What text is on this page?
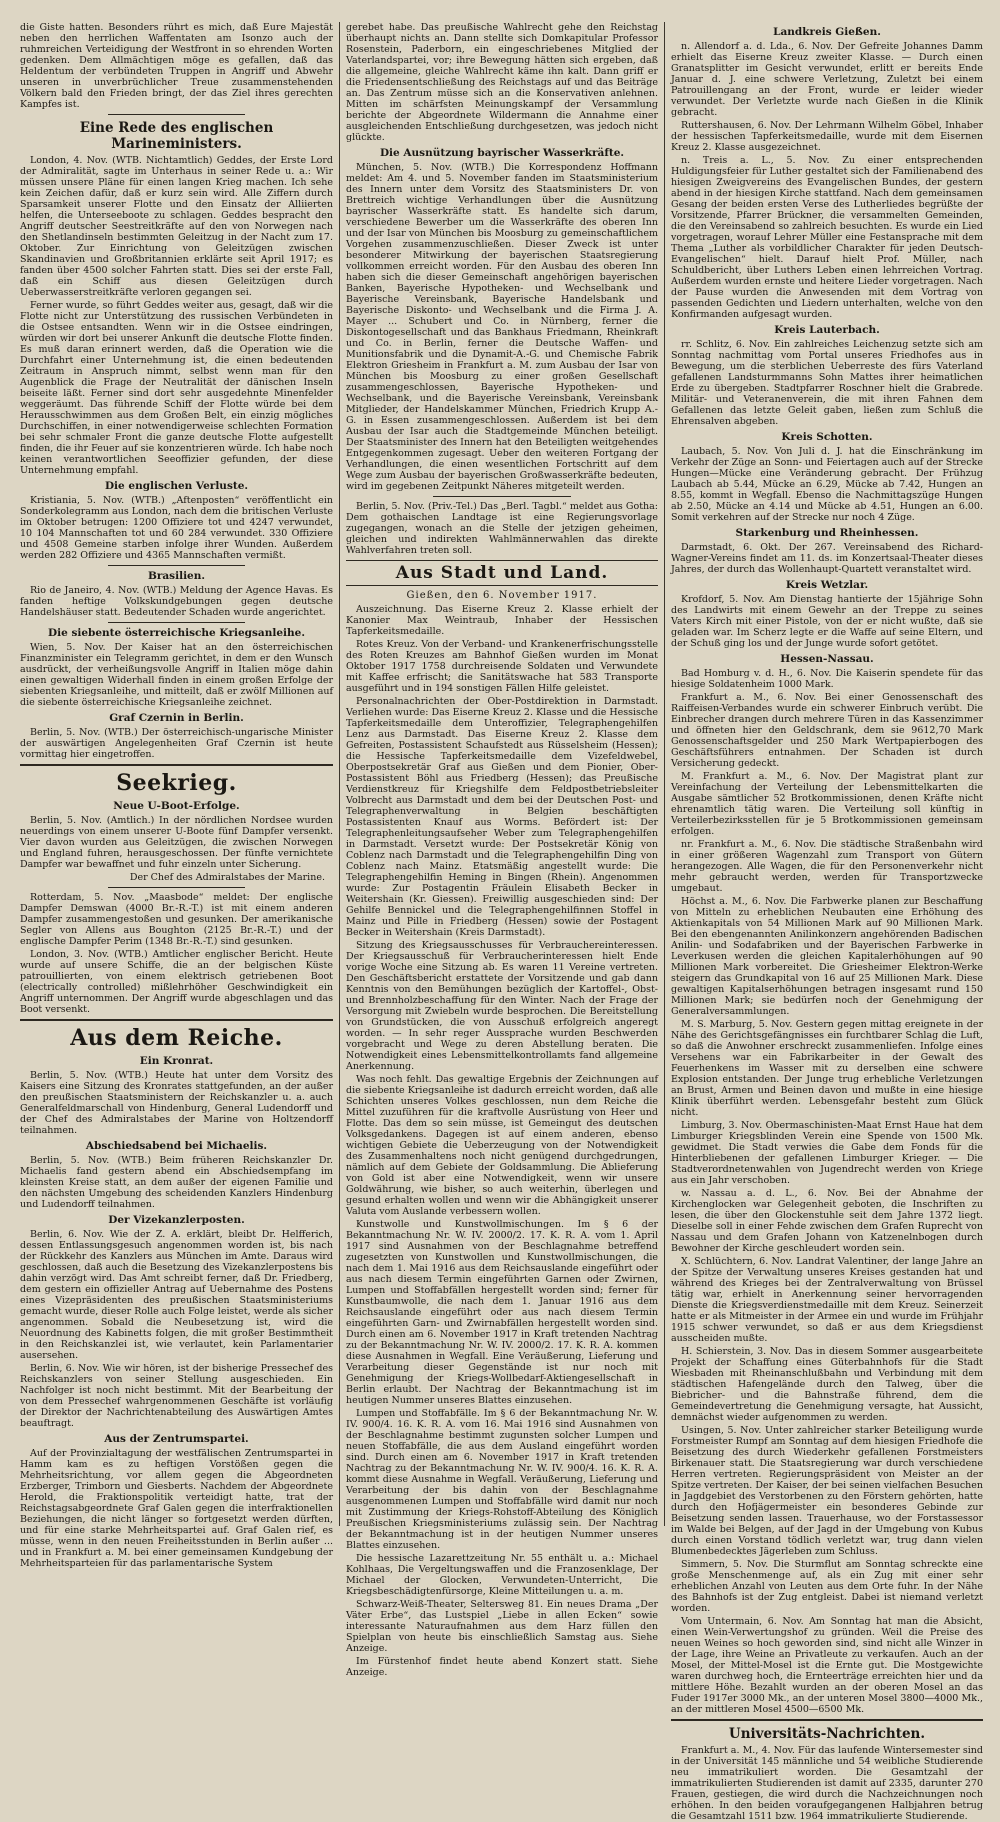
die Giste hatten. Besonders rührt es mich, daß Eure Majestät neben den herrlichen Waffentaten am Isonzo auch der ruhmreichen Verteidigung der Westfront in so ehrenden Worten gedenken. Dem Allmächtigen möge es gefallen, daß das Heldentum der verbündeten Truppen in Angriff und Abwehr unseren in unverbrüchlicher Treue zusammenstehenden Völkern bald den Frieden bringt, der das Ziel ihres gerechten Kampfes ist.

Eine Rede des englischen Marineministers.

London, 4. Nov. (WTB. Nichtamtlich) Geddes, der Erste Lord der Admiralität, sagte im Unterhaus in seiner Rede u. a.: Wir müssen unsere Pläne für einen langen Krieg machen. Ich sehe kein Zeichen dafür, daß er kurz sein wird. Alle Ziffern durch Sparsamkeit unserer Flotte und den Einsatz der Alliierten helfen, die Unterseeboote zu schlagen. Geddes bespracht den Angriff deutscher Seestreitkräfte auf den von Norwegen nach den Shetlandinseln bestimmten Geleitzug in der Nacht zum 17. Oktober. Zur Einrichtung von Geleitzügen zwischen Skandinavien und Großbritannien erklärte seit April 1917; es fanden über 4500 solcher Fahrten statt. Dies sei der erste Fall, daß ein Schiff aus diesen Geleitzügen durch Ueberwasserstreitkräfte verloren gegangen sei.

Ferner wurde, so führt Geddes weiter aus, gesagt, daß wir die Flotte nicht zur Unterstützung des russischen Verbündeten in die Ostsee entsandten. Wenn wir in die Ostsee eindringen, würden wir dort bei unserer Ankunft die deutsche Flotte finden. Es muß daran erinnert werden, daß die Operation wie die Durchfahrt einer Unternehmung ist, die einen bedeutenden Zeitraum in Anspruch nimmt, selbst wenn man für den Augenblick die Frage der Neutralität der dänischen Inseln beiseite läßt. Ferner sind dort sehr ausgedehnte Minenfelder weggeräumt. Das führende Schiff der Flotte würde bei dem Herausschwimmen aus dem Großen Belt, ein einzig mögliches Durchschiffen, in einer notwendigerweise schlechten Formation bei sehr schmaler Front die ganze deutsche Flotte aufgestellt finden, die ihr Feuer auf sie konzentrieren würde. Ich habe noch keinen verantwortlichen Seeoffizier gefunden, der diese Unternehmung empfahl.

Die englischen Verluste.

Kristiania, 5. Nov. (WTB.) „Aftenposten“ veröffentlicht ein Sonderkolegramm aus London, nach dem die britischen Verluste im Oktober betrugen: 1200 Offiziere tot und 4247 verwundet, 10 104 Mannschaften tot und 60 284 verwundet. 330 Offiziere und 4508 Gemeine starben infolge ihrer Wunden. Außerdem werden 282 Offiziere und 4365 Mannschaften vermißt.

Brasilien.

Rio de Janeiro, 4. Nov. (WTB.) Meldung der Agence Havas. Es fanden heftige Volkskundgebungen gegen deutsche Handelshäuser statt. Bedeutender Schaden wurde angerichtet.

Die siebente österreichische Kriegsanleihe.

Wien, 5. Nov. Der Kaiser hat an den österreichischen Finanzminister ein Telegramm gerichtet, in dem er den Wunsch ausdrückt, der verheißungsvolle Angriff in Italien möge dahin einen gewaltigen Widerhall finden in einem großen Erfolge der siebenten Kriegsanleihe, und mitteilt, daß er zwölf Millionen auf die siebente österreichische Kriegsanleihe zeichnet.

Graf Czernin in Berlin.

Berlin, 5. Nov. (WTB.) Der österreichisch-ungarische Minister der auswärtigen Angelegenheiten Graf Czernin ist heute vormittag hier eingetroffen.

Seekrieg.
Neue U-Boot-Erfolge.

Berlin, 5. Nov. (Amtlich.) In der nördlichen Nordsee wurden neuerdings von einem unserer U-Boote fünf Dampfer versenkt. Vier davon wurden aus Geleitzügen, die zwischen Norwegen und England fuhren, herausgeschossen. Der fünfte vernichtete Dampfer war bewaffnet und fuhr einzeln unter Sicherung.

Der Chef des Admiralstabes der Marine.

Rotterdam, 5. Nov. „Maasbode“ meldet: Der englische Dampfer Demswan (4000 Br.-R.-T.) ist mit einem anderen Dampfer zusammengestoßen und gesunken. Der amerikanische Segler von Allens aus Boughton (2125 Br.-R.-T.) und der englische Dampfer Perim (1348 Br.-R.-T.) sind gesunken.

London, 3. Nov. (WTB.) Amtlicher englischer Bericht. Heute wurde auf unsere Schiffe, die an der belgischen Küste patrouillierten, von einem elektrisch getriebenen Boot (electrically controlled) mißlehrhöher Geschwindigkeit ein Angriff unternommen. Der Angriff wurde abgeschlagen und das Boot versenkt.

Aus dem Reiche.
Ein Kronrat.

Berlin, 5. Nov. (WTB.) Heute hat unter dem Vorsitz des Kaisers eine Sitzung des Kronrates stattgefunden, an der außer den preußischen Staatsministern der Reichskanzler u. a. auch Generalfeldmarschall von Hindenburg, General Ludendorff und der Chef des Admiralstabes der Marine von Holtzendorff teilnahmen.

Abschiedsabend bei Michaelis.

Berlin, 5. Nov. (WTB.) Beim früheren Reichskanzler Dr. Michaelis fand gestern abend ein Abschiedsempfang im kleinsten Kreise statt, an dem außer der eigenen Familie und den nächsten Umgebung des scheidenden Kanzlers Hindenburg und Ludendorff teilnahmen.

Der Vizekanzlerposten.

Berlin, 6. Nov. Wie der Z. A. erklärt, bleibt Dr. Helfferich, dessen Entlassungsgesuch angenommen worden ist, bis nach der Rückkehr des Kanzlers aus München im Amte. Daraus wird geschlossen, daß auch die Besetzung des Vizekanzlerpostens bis dahin verzögt wird. Das Amt schreibt ferner, daß Dr. Friedberg, dem gestern ein offizieller Antrag auf Uebernahme des Postens eines Vizepräsidenten des preußischen Staatsministeriums gemacht wurde, dieser Rolle auch Folge leistet, werde als sicher angenommen. Sobald die Neubesetzung ist, wird die Neuordnung des Kabinetts folgen, die mit großer Bestimmtheit in den Reichskanzlei ist, wie verlautet, kein Parlamentarier ausersehen.

Berlin, 6. Nov. Wie wir hören, ist der bisherige Pressechef des Reichskanzlers von seiner Stellung ausgeschieden. Ein Nachfolger ist noch nicht bestimmt. Mit der Bearbeitung der von dem Pressechef wahrgenommenen Geschäfte ist vorläufig der Direktor der Nachrichtenabteilung des Auswärtigen Amtes beauftragt.

Aus der Zentrumspartei.

Auf der Provinzialtagung der westfälischen Zentrumspartei in Hamm kam es zu heftigen Vorstößen gegen die Mehrheitsrichtung, vor allem gegen die Abgeordneten Erzberger, Trimborn und Giesberts. Nachdem der Abgeordnete Herold, die Fraktionspolitik verteidigt hatte, trat der Reichstagsabgeordnete Graf Galen gegen die interfraktionellen Beziehungen, die nicht länger so fortgesetzt werden dürften, und für eine starke Mehrheitspartei auf. Graf Galen rief, es müsse, wenn in den neuen Freiheitsstunden in Berlin außer ... und in Frankfurt a. M. bei einer gemeinsamen Kundgebung der Mehrheitsparteien für das parlamentarische System

gerebet habe. Das preußische Wahlrecht gehe den Reichstag überhaupt nichts an. Dann stellte sich Domkapitular Professor Rosenstein, Paderborn, ein eingeschriebenes Mitglied der Vaterlandspartei, vor; ihre Bewegung hätten sich ergeben, daß die allgemeine, gleiche Wahlrecht käme ihn kalt. Dann griff er die Friedensentschließung des Reichstags auf und das Beiträge an. Das Zentrum müsse sich an die Konservativen anlehnen. Mitten im schärfsten Meinungskampf der Versammlung berichte der Abgeordnete Wildermann die Annahme einer ausgleichenden Entschließung durchgesetzen, was jedoch nicht glückte.

Die Ausnützung bayrischer Wasserkräfte.

München, 5. Nov. (WTB.) Die Korrespondenz Hoffmann meldet: Am 4. und 5. November fanden im Staatsministerium des Innern unter dem Vorsitz des Staatsministers Dr. von Brettreich wichtige Verhandlungen über die Ausnützung bayrischer Wasserkräfte statt. Es handelte sich darum, verschiedene Bewerber um die Wasserkräfte des oberen Inn und der Isar von München bis Moosburg zu gemeinschaftlichem Vorgehen zusammenzuschließen. Dieser Zweck ist unter besonderer Mitwirkung der bayerischen Staatsregierung vollkommen erreicht worden. Für den Ausbau des oberen Inn haben sich die dieser Gemeinschaft angehörigen bayerischen Banken, Bayerische Hypotheken- und Wechselbank und Bayerische Vereinsbank, Bayerische Handelsbank und Bayerische Diskonto- und Wechselbank und die Firma J. A. Mayer ... Schubert und Co. in Nürnberg, ferner die Diskontogesellschaft und das Bankhaus Friedmann, Rheinkraft und Co. in Berlin, ferner die Deutsche Waffen- und Munitionsfabrik und die Dynamit-A.-G. und Chemische Fabrik Elektron Griesheim in Frankfurt a. M. zum Ausbau der Isar von München bis Moosburg zu einer großen Gesellschaft zusammengeschlossen, Bayerische Hypotheken- und Wechselbank, und die Bayerische Vereinsbank, Vereinsbank Mitglieder, der Handelskammer München, Friedrich Krupp A.-G. in Essen zusammengeschlossen. Außerdem ist bei dem Ausbau der Isar auch die Stadtgemeinde München beteiligt. Der Staatsminister des Innern hat den Beteiligten weitgehendes Entgegenkommen zugesagt. Ueber den weiteren Fortgang der Verhandlungen, die einen wesentlichen Fortschritt auf dem Wege zum Ausbau der bayerischen Großwasserkräfte bedeuten, wird im gegebenen Zeitpunkt Näheres mitgeteilt werden.

Berlin, 5. Nov. (Priv.-Tel.) Das „Berl. Tagbl.“ meldet aus Gotha: Dem gothaischen Landtage ist eine Regierungsvorlage zugegangen, wonach an die Stelle der jetzigen geheimen, gleichen und indirekten Wahlmännerwahlen das direkte Wahlverfahren treten soll.

Aus Stadt und Land.
Gießen, den 6. November 1917.

Auszeichnung. Das Eiserne Kreuz 2. Klasse erhielt der Kanonier Max Weintraub, Inhaber der Hessischen Tapferkeitsmedaille.

Rotes Kreuz. Von der Verband- und Krankenerfrischungsstelle des Roten Kreuzes am Bahnhof Gießen wurden im Monat Oktober 1917 1758 durchreisende Soldaten und Verwundete mit Kaffee erfrischt; die Sanitätswache hat 583 Transporte ausgeführt und in 194 sonstigen Fällen Hilfe geleistet.

Personalnachrichten der Ober-Postdirektion in Darmstadt. Verliehen wurde: Das Eiserne Kreuz 2. Klasse und die Hessische Tapferkeitsmedaille dem Unteroffizier, Telegraphengehilfen Lenz aus Darmstadt. Das Eiserne Kreuz 2. Klasse dem Gefreiten, Postassistent Schaufstedt aus Rüsselsheim (Hessen); die Hessische Tapferkeitsmedaille dem Vizefeldwebel, Oberpostsekretär Graf aus Gießen und dem Pionier, Ober-Postassistent Böhl aus Friedberg (Hessen); das Preußische Verdienstkreuz für Kriegshilfe dem Feldpostbetriebsleiter Volbrecht aus Darmstadt und dem bei der Deutschen Post- und Telegraphenverwaltung in Belgien beschäftigten Postassistenten Knauf aus Worms. Befördert ist: Der Telegraphenleitungsaufseher Weber zum Telegraphengehilfen in Darmstadt. Versetzt wurde: Der Postsekretär König von Coblenz nach Darmstadt und die Telegraphengehilfin Ding von Coblenz nach Mainz. Etatsmäßig angestellt wurde: Die Telegraphengehilfin Heming in Bingen (Rhein). Angenommen wurde: Zur Postagentin Fräulein Elisabeth Becker in Weitershain (Kr. Giessen). Freiwillig ausgeschieden sind: Der Gehilfe Bennickel und die Telegraphengehilfinnen Stoffel in Mainz und Pille in Friedberg (Hessen) sowie der Postagent Becker in Weitershain (Kreis Darmstadt).

Sitzung des Kriegsausschusses für Verbrauchereinteressen. Der Kriegsausschuß für Verbraucherinteressen hielt Ende vorige Woche eine Sitzung ab. Es waren 11 Vereine vertreten. Den Geschäftsbericht erstattete der Vorsitzende und gab dann Kenntnis von den Bemühungen bezüglich der Kartoffel-, Obst- und Brennholzbeschaffung für den Winter. Nach der Frage der Versorgung mit Zwiebeln wurde besprochen. Die Bereitstellung von Grundstücken, die von Ausschuß erfolgreich angeregt worden. — In sehr reger Aussprache wurden Beschwerden vorgebracht und Wege zu deren Abstellung beraten. Die Notwendigkeit eines Lebensmittelkontrollamts fand allgemeine Anerkennung.

Was noch fehlt. Das gewaltige Ergebnis der Zeichnungen auf die siebente Kriegsanleihe ist dadurch erreicht worden, daß alle Schichten unseres Volkes geschlossen, nun dem Reiche die Mittel zuzuführen für die kraftvolle Ausrüstung von Heer und Flotte. Das dem so sein müsse, ist Gemeingut des deutschen Volksgedankens. Dagegen ist auf einem anderen, ebenso wichtigen Gebiete die Ueberzeugung von der Notwendigkeit des Zusammenhaltens noch nicht genügend durchgedrungen, nämlich auf dem Gebiete der Goldsammlung. Die Ablieferung von Gold ist aber eine Notwendigkeit, wenn wir unsere Goldwährung, wie bisher, so auch weiterhin, überlegen und gesund erhalten wollen und wenn wir die Abhängigkeit unserer Valuta vom Auslande verbessern wollen.

Kunstwolle und Kunstwollmischungen. Im § 6 der Bekanntmachung Nr. W. IV. 2000/2. 17. K. R. A. vom 1. April 1917 sind Ausnahmen von der Beschlagnahme betreffend zugesetzten von Kunstwollen und Kunstwollmischungen, die nach dem 1. Mai 1916 aus dem Reichsauslande eingeführt oder aus nach diesem Termin eingeführten Garnen oder Zwirnen, Lumpen und Stoffabfällen hergestellt worden sind; ferner für Kunstbaumwolle, die nach dem 1. Januar 1916 aus dem Reichsauslande eingeführt oder aus nach diesem Termin eingeführten Garn- und Zwirnabfällen hergestellt worden sind. Durch einen am 6. November 1917 in Kraft tretenden Nachtrag zu der Bekanntmachung Nr. W. IV. 2000/2. 17. K. R. A. kommen diese Ausnahmen in Wegfall. Eine Veräußerung, Lieferung und Verarbeitung dieser Gegenstände ist nur noch mit Genehmigung der Kriegs-Wollbedarf-Aktiengesellschaft in Berlin erlaubt. Der Nachtrag der Bekanntmachung ist im heutigen Nummer unseres Blattes einzusehen.

Lumpen und Stoffabfälle. Im § 6 der Bekanntmachung Nr. W. IV. 900/4. 16. K. R. A. vom 16. Mai 1916 sind Ausnahmen von der Beschlagnahme bestimmt zugunsten solcher Lumpen und neuen Stoffabfälle, die aus dem Ausland eingeführt worden sind. Durch einen am 6. November 1917 in Kraft tretenden Nachtrag zu der Bekanntmachung Nr. W. IV. 900/4. 16. K. R. A. kommt diese Ausnahme in Wegfall. Veräußerung, Lieferung und Verarbeitung der bis dahin von der Beschlagnahme ausgenommenen Lumpen und Stoffabfälle wird damit nur noch mit Zustimmung der Kriegs-Rohstoff-Abteilung des Königlich Preußischen Kriegsministeriums zulässig sein. Der Nachtrag der Bekanntmachung ist in der heutigen Nummer unseres Blattes einzusehen.

Die hessische Lazarettzeitung Nr. 55 enthält u. a.: Michael Kohlhaas, Die Vergeltungswaffen und die Franzosenklage, Der Michael der Glocken, Verwundeten-Unterricht, Die Kriegsbeschädigtenfürsorge, Kleine Mitteilungen u. a. m.

Schwarz-Weiß-Theater, Seltersweg 81. Ein neues Drama „Der Väter Erbe“, das Lustspiel „Liebe in allen Ecken“ sowie interessante Naturaufnahmen aus dem Harz füllen den Spielplan von heute bis einschließlich Samstag aus. Siehe Anzeige.

Im Fürstenhof findet heute abend Konzert statt. Siehe Anzeige.

Landkreis Gießen.

n. Allendorf a. d. Lda., 6. Nov. Der Gefreite Johannes Damm erhielt das Eiserne Kreuz zweiter Klasse. — Durch einen Granatsplitter im Gesicht verwundet, erlitt er bereits Ende Januar d. J. eine schwere Verletzung, Zuletzt bei einem Patrouillengang an der Front, wurde er leider wieder verwundet. Der Verletzte wurde nach Gießen in die Klinik gebracht.

Ruttershausen, 6. Nov. Der Lehrmann Wilhelm Göbel, Inhaber der hessischen Tapferkeitsmedaille, wurde mit dem Eisernen Kreuz 2. Klasse ausgezeichnet.

n. Treis a. L., 5. Nov. Zu einer entsprechenden Huldigungsfeier für Luther gestaltet sich der Familienabend des hiesigen Zweigvereins des Evangelischen Bundes, der gestern abend in der hiesigen Kirche stattfand. Nach dem gemeinsamen Gesang der beiden ersten Verse des Lutherliedes begrüßte der Vorsitzende, Pfarrer Brückner, die versammelten Gemeinden, die den Vereinsabend so zahlreich besuchten. Es wurde ein Lied vorgetragen, worauf Lehrer Müller eine Festansprache mit dem Thema „Luther als vorbildlicher Charakter für jeden Deutsch-Evangelischen“ hielt. Darauf hielt Prof. Müller, nach Schuldbericht, über Luthers Leben einen lehrreichen Vortrag. Außerdem wurden ernste und heitere Lieder vorgetragen. Nach der Pause wurden die Anwesenden mit dem Vortrag von passenden Gedichten und Liedern unterhalten, welche von den Konfirmanden aufgesagt wurden.

Kreis Lauterbach.

rr. Schlitz, 6. Nov. Ein zahlreiches Leichenzug setzte sich am Sonntag nachmittag vom Portal unseres Friedhofes aus in Bewegung, um die sterblichen Ueberreste des fürs Vaterland gefallenen Landsturmmanns Sohn Mattes ihrer heimatlichen Erde zu übergeben. Stadtpfarrer Roschner hielt die Grabrede. Militär- und Veteranenverein, die mit ihren Fahnen dem Gefallenen das letzte Geleit gaben, ließen zum Schluß die Ehrensalven abgeben.

Kreis Schotten.

Laubach, 5. Nov. Von Juli d. J. hat die Einschränkung im Verkehr der Züge an Sonn- und Feiertagen auch auf der Strecke Hungen—Mücke eine Veränderung gebracht. Der Frühzug Laubach ab 5.44, Mücke an 6.29, Mücke ab 7.42, Hungen an 8.55, kommt in Wegfall. Ebenso die Nachmittagszüge Hungen ab 2.50, Mücke an 4.14 und Mücke ab 4.51, Hungen an 6.00. Somit verkehren auf der Strecke nur noch 4 Züge.

Starkenburg und Rheinhessen.

Darmstadt, 6. Okt. Der 267. Vereinsabend des Richard-Wagner-Vereins findet am 11. ds. im Konzertsaal-Theater dieses Jahres, der durch das Wollenhaupt-Quartett veranstaltet wird.

Kreis Wetzlar.

Krofdorf, 5. Nov. Am Dienstag hantierte der 15jährige Sohn des Landwirts mit einem Gewehr an der Treppe zu seines Vaters Kirch mit einer Pistole, von der er nicht wußte, daß sie geladen war. Im Scherz legte er die Waffe auf seine Eltern, und der Schuß ging los und der Junge wurde sofort getötet.

Hessen-Nassau.

Bad Homburg v. d. H., 6. Nov. Die Kaiserin spendete für das hiesige Soldatenheim 1000 Mark.

Frankfurt a. M., 6. Nov. Bei einer Genossenschaft des Raiffeisen-Verbandes wurde ein schwerer Einbruch verübt. Die Einbrecher drangen durch mehrere Türen in das Kassenzimmer und öffneten hier den Geldschrank, dem sie 9612,70 Mark Genossenschaftsgelder und 250 Mark Wertpapierbogen des Geschäftsführers entnahmen. Der Schaden ist durch Versicherung gedeckt.

M. Frankfurt a. M., 6. Nov. Der Magistrat plant zur Vereinfachung der Verteilung der Lebensmittelkarten die Ausgabe sämtlicher 52 Brotkommissionen, denen Kräfte nicht ehrenamtlich tätig waren. Die Verteilung soll künftig in Verteilerbezirksstellen für je 5 Brotkommissionen gemeinsam erfolgen.

nr. Frankfurt a. M., 6. Nov. Die städtische Straßenbahn wird in einer größeren Wagenzahl zum Transport von Gütern herangezogen. Alle Wagen, die für den Personenverkehr nicht mehr gebraucht werden, werden für Transportzwecke umgebaut.

Höchst a. M., 6. Nov. Die Farbwerke planen zur Beschaffung von Mitteln zu erheblichen Neubauten eine Erhöhung des Aktienkapitals von 54 Millionen Mark auf 90 Millionen Mark. Bei den ebengenannten Anilinkonzern angehörenden Badischen Anilin- und Sodafabriken und der Bayerischen Farbwerke in Leverkusen werden die gleichen Kapitalerhöhungen auf 90 Millionen Mark vorbereitet. Die Griesheimer Elektron-Werke steigern das Grundkapital von 16 auf 25 Millionen Mark. Diese gewaltigen Kapitalserhöhungen betragen insgesamt rund 150 Millionen Mark; sie bedürfen noch der Genehmigung der Generalversammlungen.

M. S. Marburg, 5. Nov. Gestern gegen mittag ereignete in der Nähe des Gerichtsgefängnisses ein furchtbarer Schlag die Luft, so daß die Anwohner erschreckt zusammenliefen. Infolge eines Versehens war ein Fabrikarbeiter in der Gewalt des Feuerhenkens im Wasser mit zu derselben eine schwere Explosion entstanden. Der Junge trug erhebliche Verletzungen an Brust, Armen und Beinen davon und mußte in eine hiesige Klinik überführt werden. Lebensgefahr besteht zum Glück nicht.

Limburg, 3. Nov. Obermaschinisten-Maat Ernst Haue hat dem Limburger Kriegsblinden Verein eine Spende von 1500 Mk. gewidmet. Die Stadt verwies die Gabe dem Fonds für die Hinterbliebenen der gefallenen Limburger Krieger. — Die Stadtverordnetenwahlen von Jugendrecht werden von Kriege aus ein Jahr verschoben.

w. Nassau a. d. L., 6. Nov. Bei der Abnahme der Kirchenglocken war Gelegenheit geboten, die Inschriften zu lesen, die über den Glockenstuhle seit dem Jahre 1372 liegt. Dieselbe soll in einer Fehde zwischen dem Grafen Ruprecht von Nassau und dem Grafen Johann von Katzenelnbogen durch Bewohner der Kirche geschleudert worden sein.

X. Schlüchtern, 6. Nov. Landrat Valentiner, der lange Jahre an der Spitze der Verwaltung unseres Kreises gestanden hat und während des Krieges bei der Zentralverwaltung von Brüssel tätig war, erhielt in Anerkennung seiner hervorragenden Dienste die Kriegsverdienstmedaille mit dem Kreuz. Seinerzeit hatte er als Mitmeister in der Armee ein und wurde im Frühjahr 1915 schwer verwundet, so daß er aus dem Kriegsdienst ausscheiden mußte.

H. Schierstein, 3. Nov. Das in diesem Sommer ausgearbeitete Projekt der Schaffung eines Güterbahnhofs für die Stadt Wiesbaden mit Rheinanschlußbahn und Verbindung mit dem städtischen Hafengelände durch den Talweg, über die Biebricher- und die Bahnstraße führend, dem die Gemeindevertretung die Genehmigung versagte, hat Aussicht, demnächst wieder aufgenommen zu werden.

Usingen, 5. Nov. Unter zahlreicher starker Beteiligung wurde Forstmeister Rumpf am Sonntag auf dem hiesigen Friedhofe die Beisetzung des durch Wiederkehr gefallenen Forstmeisters Birkenauer statt. Die Staatsregierung war durch verschiedene Herren vertreten. Regierungspräsident von Meister an der Spitze vertreten. Der Kaiser, der bei seinen vielfachen Besuchen in Jagdgebiet des Verstorbenen zu den Förstern gehörten, hatte durch den Hofjägermeister ein besonderes Gebinde zur Beisetzung senden lassen. Trauerhause, wo der Forstassessor im Walde bei Belgen, auf der Jagd in der Umgebung von Kubus durch einen Vorstand tödlich verletzt war, trug dann vielen Blumenbedecktes Jägerleben zum Schluss.

Simmern, 5. Nov. Die Sturmflut am Sonntag schreckte eine große Menschenmenge auf, als ein Zug mit einer sehr erheblichen Anzahl von Leuten aus dem Orte fuhr. In der Nähe des Bahnhofs ist der Zug entgleist. Dabei ist niemand verletzt worden.

Vom Untermain, 6. Nov. Am Sonntag hat man die Absicht, einen Wein-Verwertungshof zu gründen. Weil die Preise des neuen Weines so hoch geworden sind, sind nicht alle Winzer in der Lage, ihre Weine an Privatleute zu verkaufen. Auch an der Mosel, der Mittel-Mosel ist die Ernte gut. Die Mostgewichte waren durchweg hoch, die Ernteerträge erreichten hier und da mittlere Höhe. Bezahlt wurden an der oberen Mosel an das Fuder 1917er 3000 Mk., an der unteren Mosel 3800—4000 Mk., an der mittleren Mosel 4500—6500 Mk.

Universitäts-Nachrichten.

Frankfurt a. M., 4. Nov. Für das laufende Wintersemester sind in der Universität 145 männliche und 54 weibliche Studierende neu immatrikuliert worden. Die Gesamtzahl der immatrikulierten Studierenden ist damit auf 2335, darunter 270 Frauen, gestiegen, die wird durch die Nachzeichnungen noch erhöhen. In den beiden voraufgegangenen Halbjahren betrug die Gesamtzahl 1511 bzw. 1964 immatrikulierte Studierende.
